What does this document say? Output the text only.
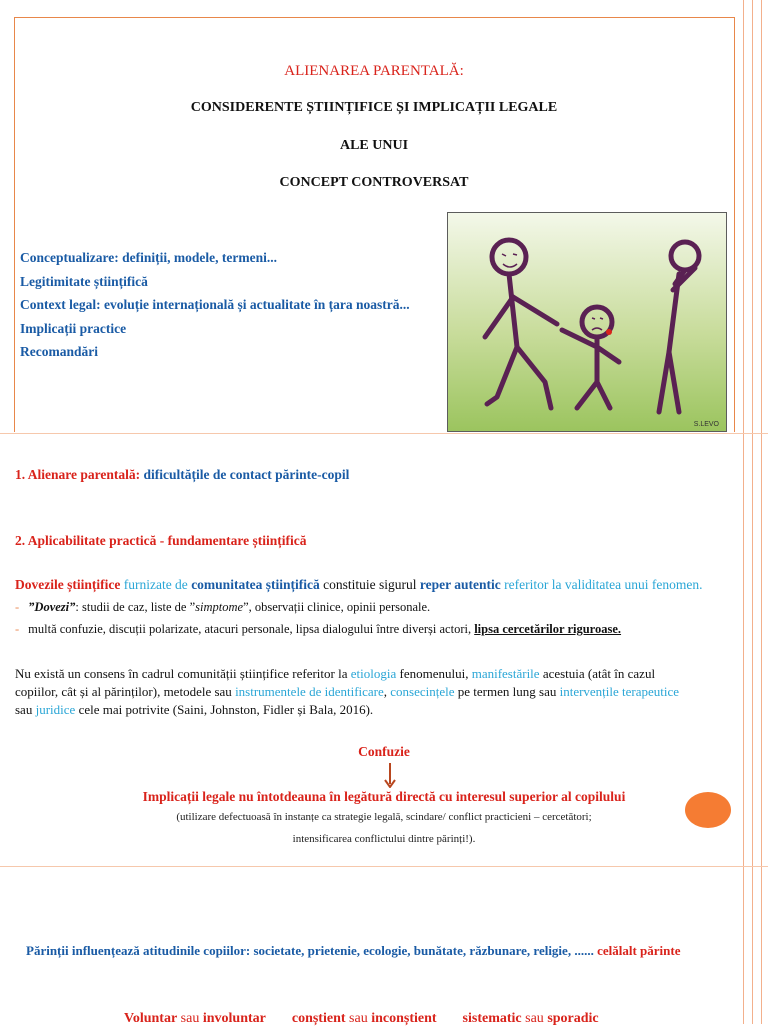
ALIENAREA PARENTALĂ:
CONSIDERENTE ȘTIINȚIFICE ȘI IMPLICAȚII LEGALE
ALE UNUI
CONCEPT CONTROVERSAT
Conceptualizare: definiții, modele, termeni...
Legitimitate științifică
Context legal: evoluție internațională și actualitate în țara noastră...
Implicații practice
Recomandări
S.LEVO
1. Alienare parentală: dificultățile de contact părinte-copil
2. Aplicabilitate practică - fundamentare științifică
Dovezile științifice furnizate de comunitatea științifică constituie sigurul reper autentic referitor la validitatea unui fenomen.
- ”Dovezi”: studii de caz, liste de ”simptome”, observații clinice, opinii personale.
- multă confuzie, discuții polarizate, atacuri personale, lipsa dialogului între diverși actori, lipsa cercetărilor riguroase.
Nu există un consens în cadrul comunității științifice referitor la etiologia fenomenului, manifestările acestuia (atât în cazul
copiilor, cât și al părinților), metodele sau instrumentele de identificare, consecințele pe termen lung sau intervențile terapeutice
sau juridice cele mai potrivite (Saini, Johnston, Fidler și Bala, 2016).
Confuzie
Implicații legale nu întotdeauna în legătură directă cu interesul superior al copilului
(utilizare defectuoasă în instanțe ca strategie legală, scindare/ conflict practicieni – cercetători;
intensificarea conflictului dintre părinți!).
Părinții influențează atitudinile copiilor: societate, prietenie, ecologie, bunătate, răzbunare, religie, ...... celălalt părinte
Voluntar sau involuntar conștient sau inconștient sistematic sau sporadic
